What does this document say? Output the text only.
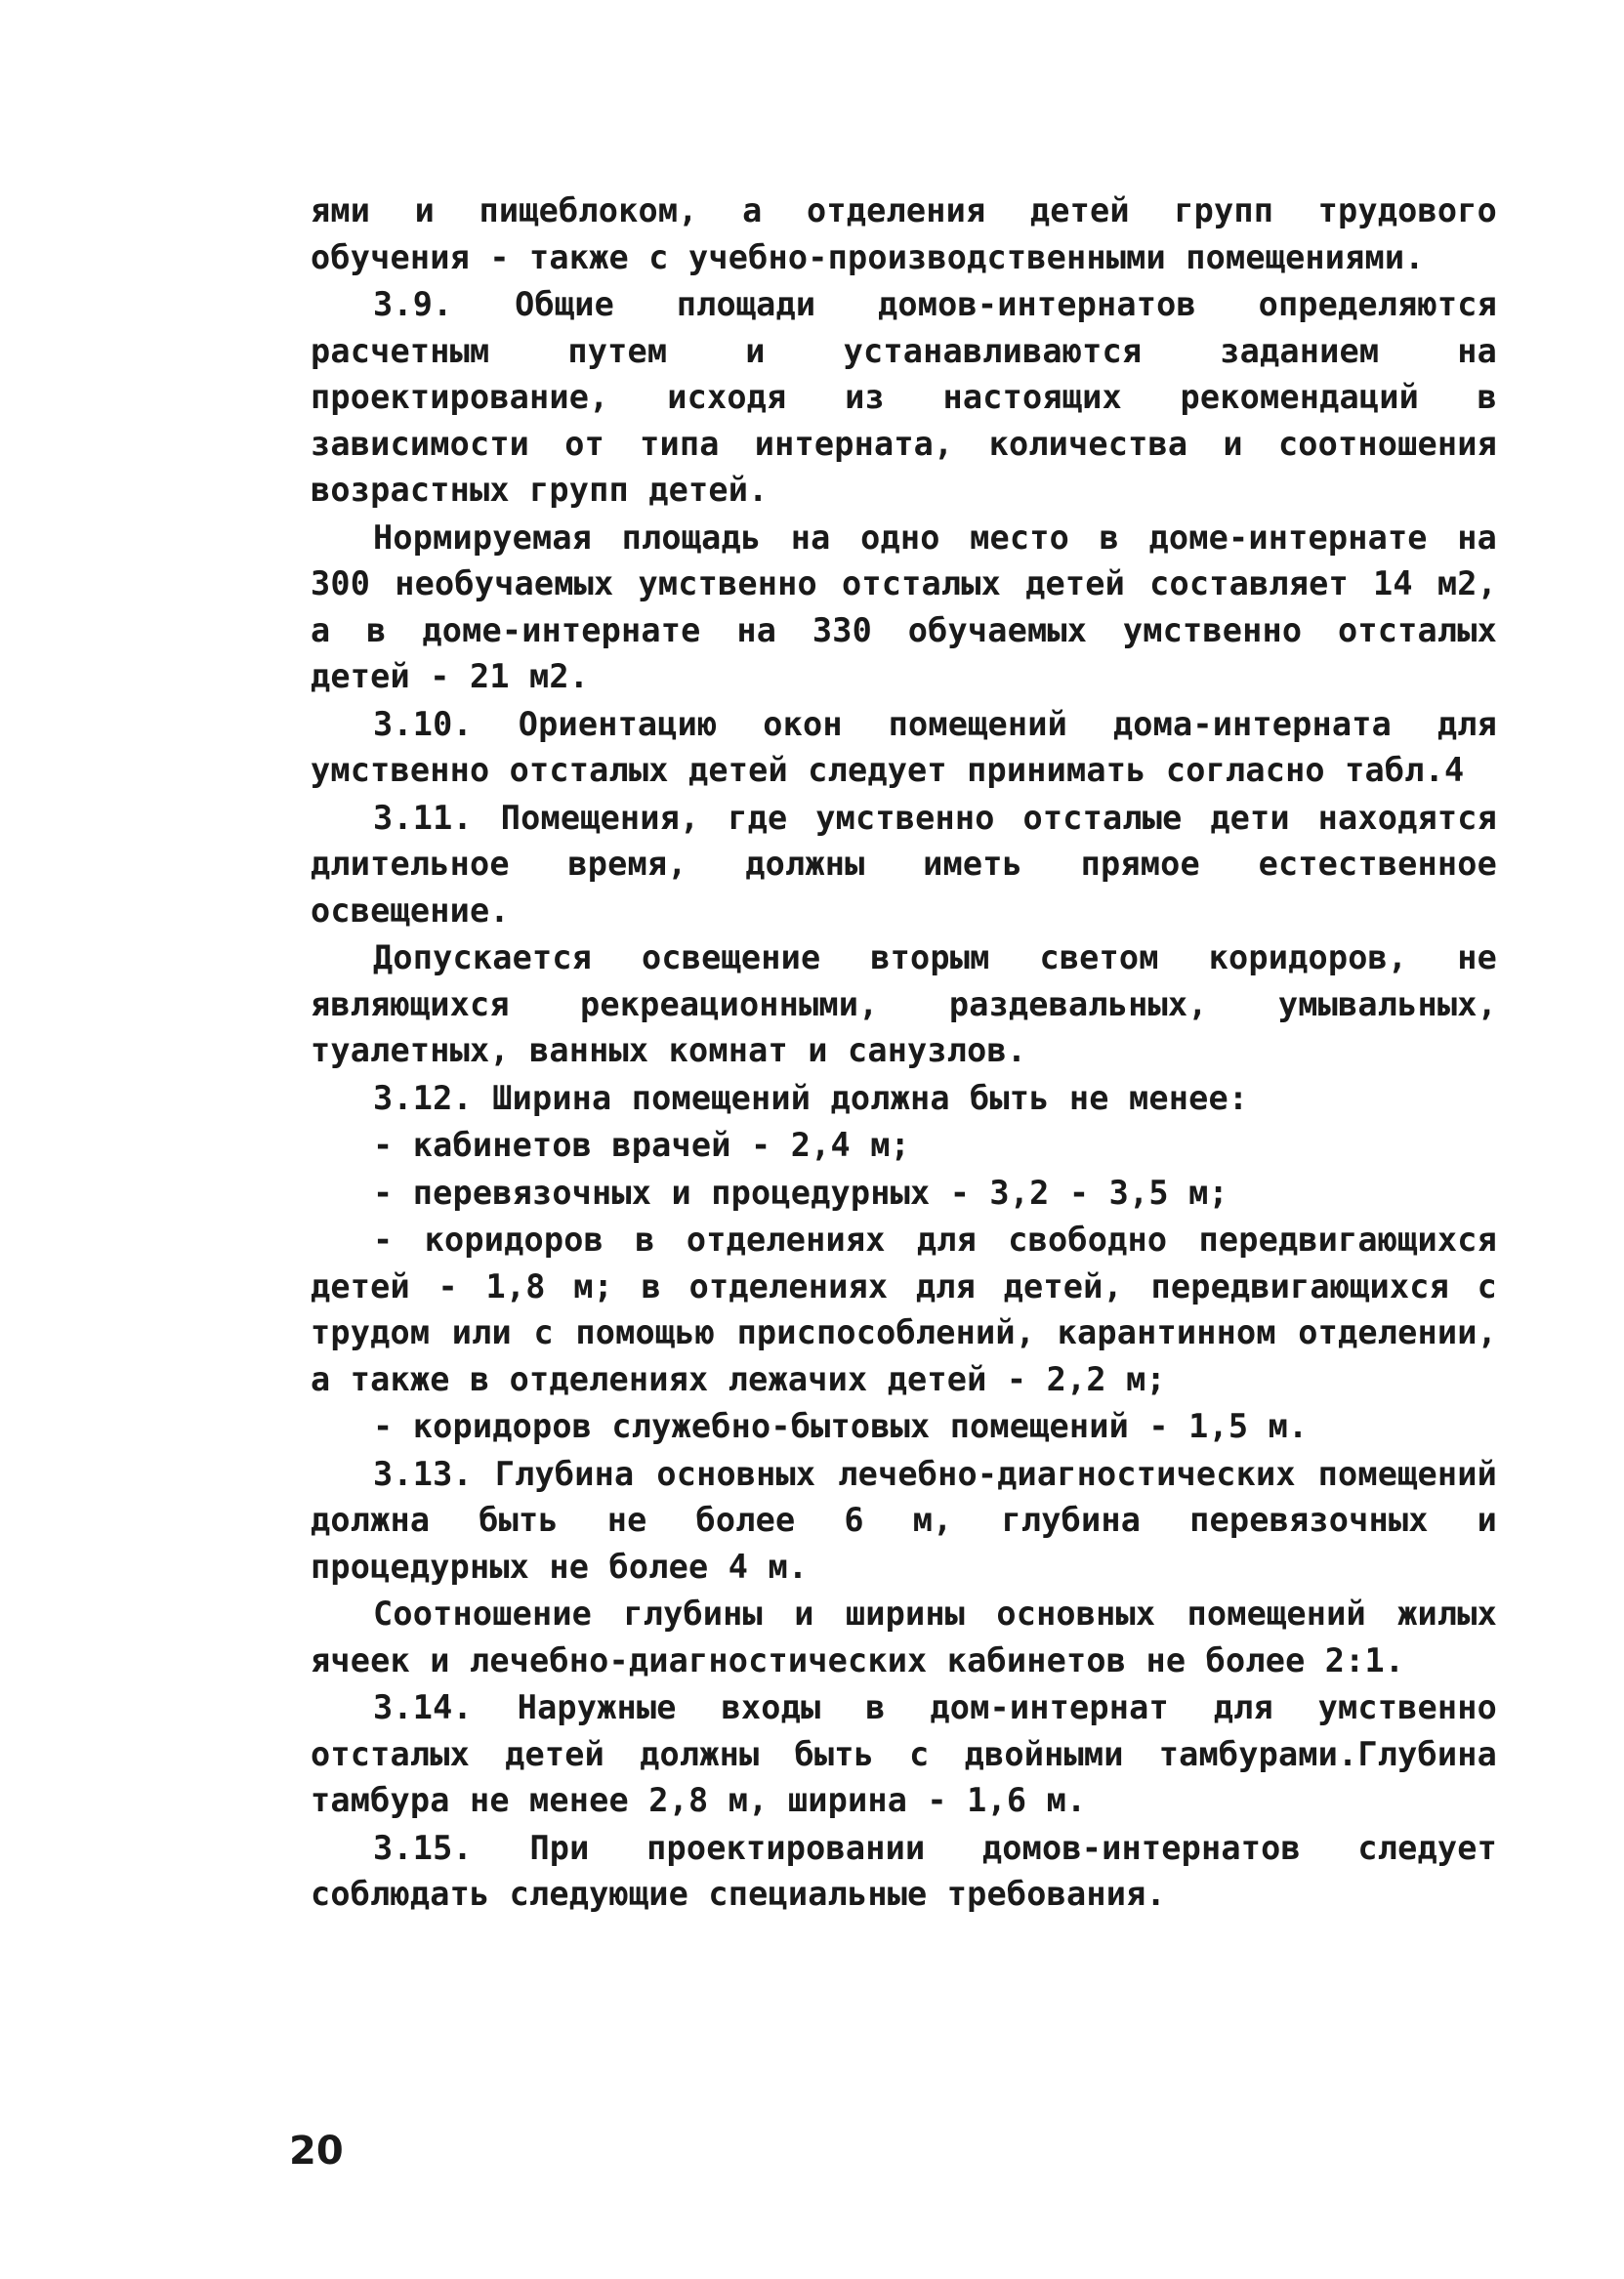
ями и пищеблоком, а отделения детей групп трудового обучения - также с учебно-производственными помещениями.

3.9. Общие площади домов-интернатов определяются расчетным путем и устанавливаются заданием на проектирование, исходя из настоящих рекомендаций в зависимости от типа интерната, количества и соотношения возрастных групп детей.

Нормируемая площадь на одно место в доме-интернате на 300 необучаемых умственно отсталых детей составляет 14 м2, а в доме-интернате на 330 обучаемых умственно отсталых детей - 21 м2.

3.10. Ориентацию окон помещений дома-интерната для умственно отсталых детей следует принимать согласно табл.4

3.11. Помещения, где умственно отсталые дети находятся длительное время, должны иметь прямое естественное освещение.

Допускается освещение вторым светом коридоров, не являющихся рекреационными, раздевальных, умывальных, туалетных, ванных комнат и санузлов.

3.12. Ширина помещений должна быть не менее:

- кабинетов врачей - 2,4 м;

- перевязочных и процедурных - 3,2 - 3,5 м;

- коридоров в отделениях для свободно передвигающихся детей - 1,8 м; в отделениях для детей, передвигающихся с трудом или с помощью приспособлений, карантинном отделении, а также в отделениях лежачих детей - 2,2 м;

- коридоров служебно-бытовых помещений - 1,5 м.

3.13. Глубина основных лечебно-диагностических помещений должна быть не более 6 м, глубина перевязочных и процедурных не более 4 м.

Соотношение глубины и ширины основных помещений жилых ячеек и лечебно-диагностических кабинетов не более 2:1.

3.14. Наружные входы в дом-интернат для умственно отсталых детей должны быть с двойными тамбурами.Глубина тамбура не менее 2,8 м, ширина - 1,6 м.

3.15. При проектировании домов-интернатов следует соблюдать следующие специальные требования.

20
